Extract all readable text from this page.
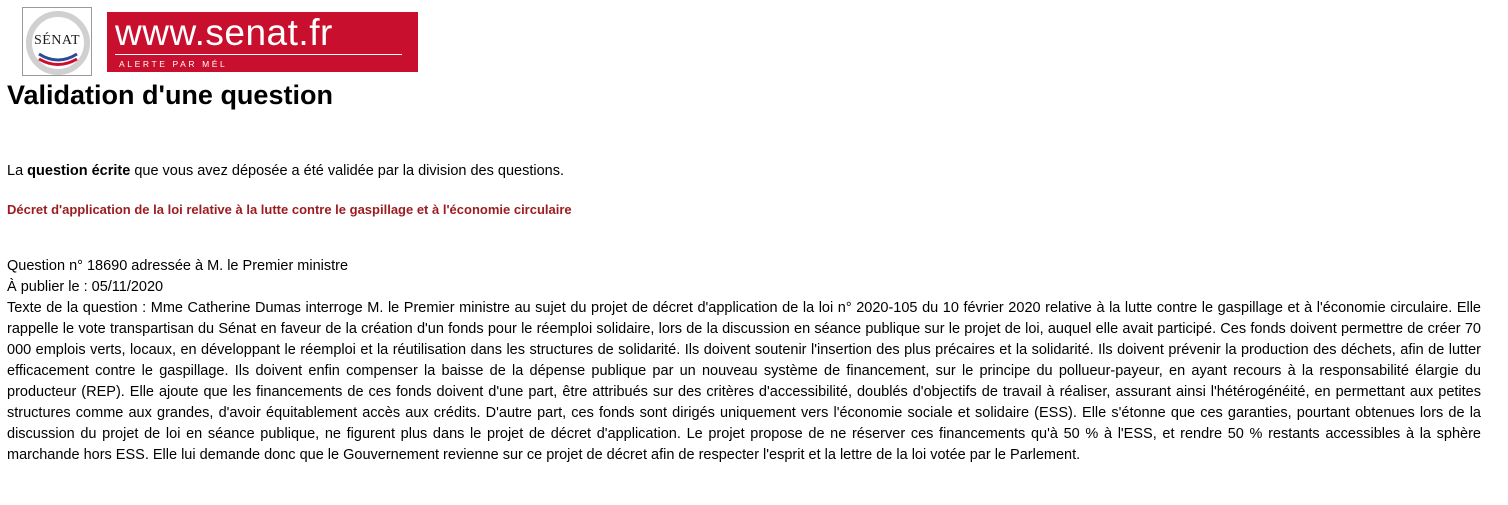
SÉNAT www.senat.fr
ALERTE PAR MÉL
Validation d'une question

La question écrite que vous avez déposée a été validée par la division des questions.

Décret d'application de la loi relative à la lutte contre le gaspillage et à l'économie circulaire

Question n° 18690 adressée à M. le Premier ministre

À publier le : 05/11/2020

Texte de la question : Mme Catherine Dumas interroge M. le Premier ministre au sujet du projet de décret d'application de la loi n° 2020-105 du 10 février 2020 relative à la lutte contre le gaspillage et à l'économie circulaire. Elle rappelle le vote transpartisan du Sénat en faveur de la création d'un fonds pour le réemploi solidaire, lors de la discussion en séance publique sur le projet de loi, auquel elle avait participé. Ces fonds doivent permettre de créer 70 000 emplois verts, locaux, en développant le réemploi et la réutilisation dans les structures de solidarité. Ils doivent soutenir l'insertion des plus précaires et la solidarité. Ils doivent prévenir la production des déchets, afin de lutter efficacement contre le gaspillage. Ils doivent enfin compenser la baisse de la dépense publique par un nouveau système de financement, sur le principe du pollueur-payeur, en ayant recours à la responsabilité élargie du producteur (REP). Elle ajoute que les financements de ces fonds doivent d'une part, être attribués sur des critères d'accessibilité, doublés d'objectifs de travail à réaliser, assurant ainsi l'hétérogénéité, en permettant aux petites structures comme aux grandes, d'avoir équitablement accès aux crédits. D'autre part, ces fonds sont dirigés uniquement vers l'économie sociale et solidaire (ESS). Elle s'étonne que ces garanties, pourtant obtenues lors de la discussion du projet de loi en séance publique, ne figurent plus dans le projet de décret d'application. Le projet propose de ne réserver ces financements qu'à 50 % à l'ESS, et rendre 50 % restants accessibles à la sphère marchande hors ESS. Elle lui demande donc que le Gouvernement revienne sur ce projet de décret afin de respecter l'esprit et la lettre de la loi votée par le Parlement.
